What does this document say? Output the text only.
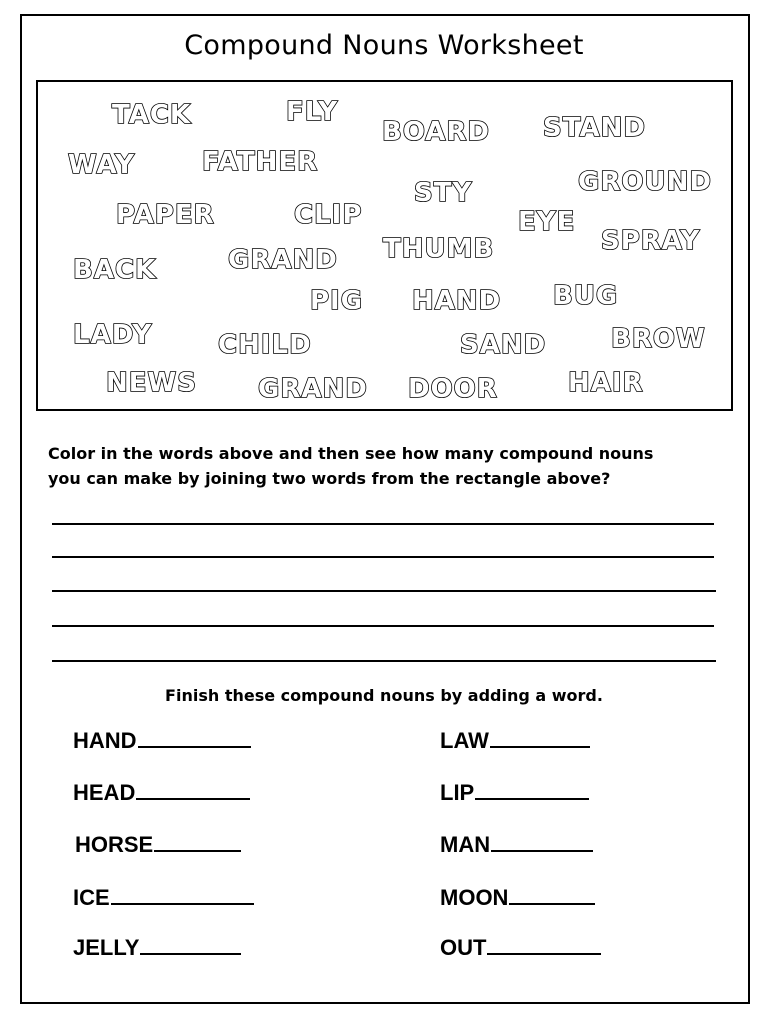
Compound Nouns Worksheet
TACK	FLY
BOARD STAND
WAY	FATHER
STY	GROUND
PAPER	CLIP	EYE
SPRAY
BACK	GRAND THUMB
PIG HAND BUG
LADY	CHILD	SAND BROW
NEWS GRAND DOOR	HAIR
Color in the words above and then see how many compound nouns
you can make by joining two words from the rectangle above?
Finish these compound nouns by adding a word.
HAND
HEAD
HORSE
ICE
JELLY
LAW
LIP
MAN
MOON
OUT
